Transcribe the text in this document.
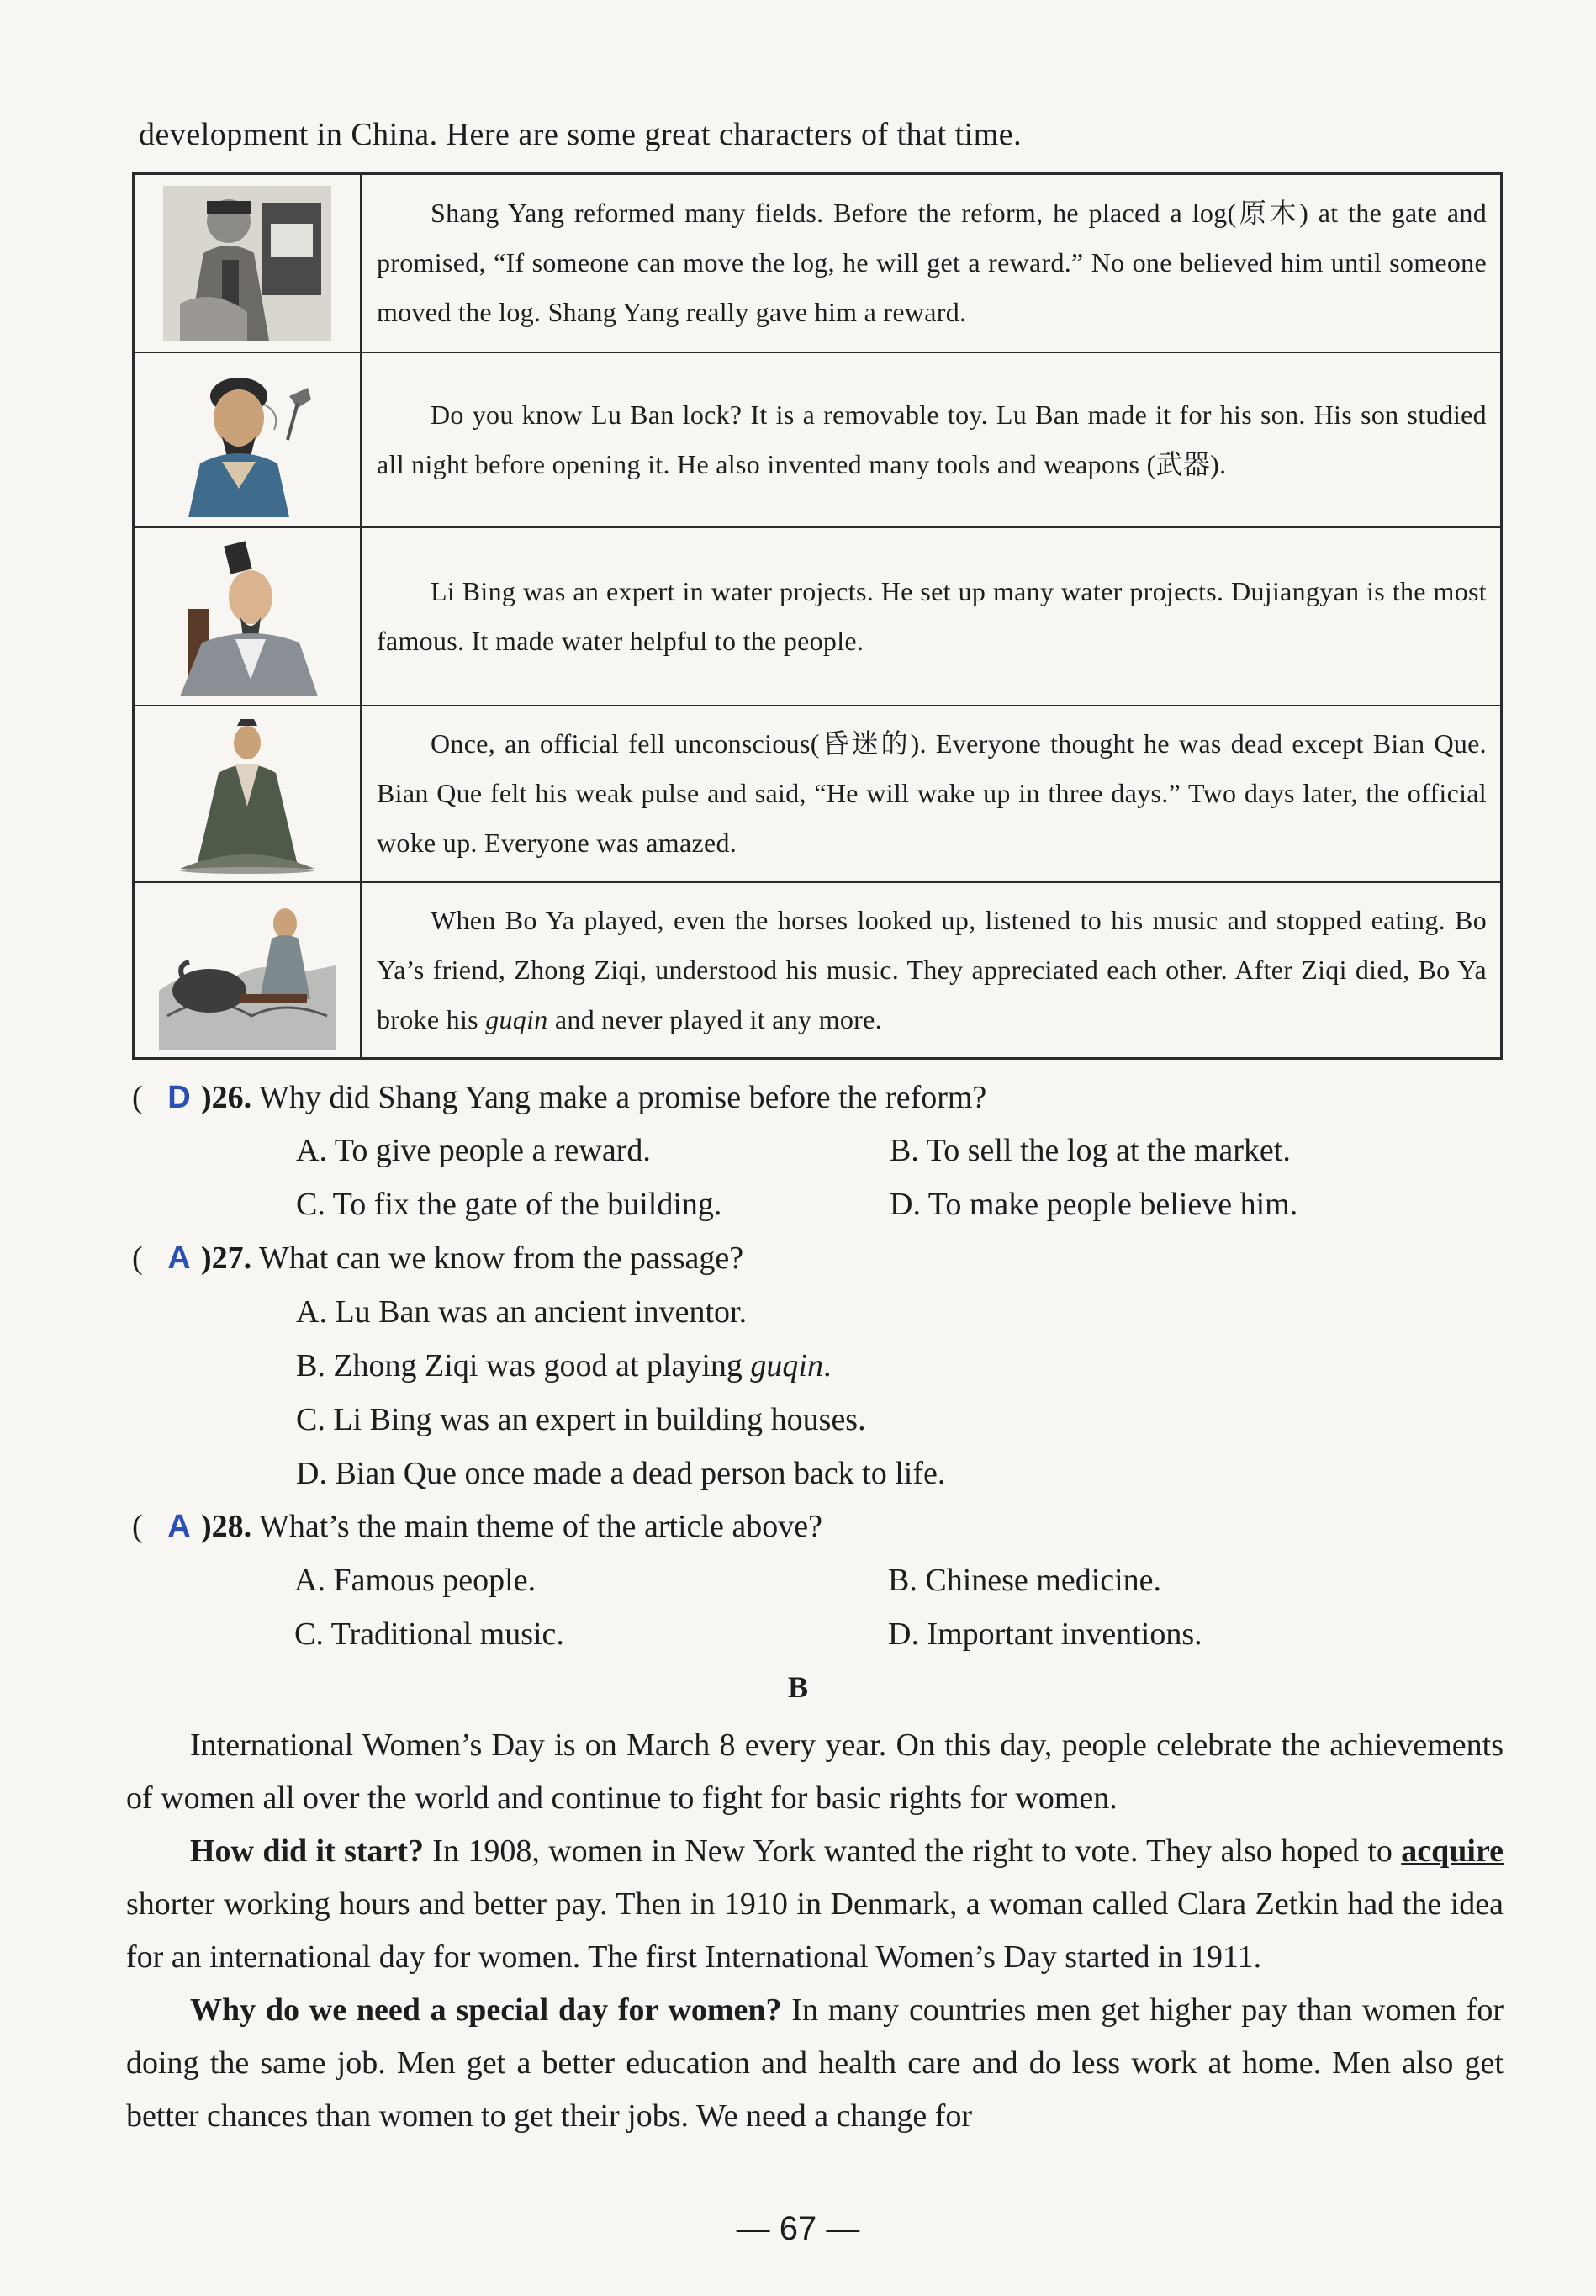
development in China. Here are some great characters of that time.

Shang Yang reformed many fields. Before the reform, he placed a log(原木) at the gate and promised, “If someone can move the log, he will get a reward.” No one believed him until someone moved the log. Shang Yang really gave him a reward.

Do you know Lu Ban lock? It is a removable toy. Lu Ban made it for his son. His son studied all night before opening it. He also invented many tools and weapons (武器).

Li Bing was an expert in water projects. He set up many water projects. Dujiangyan is the most famous. It made water helpful to the people.

Once, an official fell unconscious(昏迷的). Everyone thought he was dead except Bian Que. Bian Que felt his weak pulse and said, “He will wake up in three days.” Two days later, the official woke up. Everyone was amazed.

When Bo Ya played, even the horses looked up, listened to his music and stopped eating. Bo Ya’s friend, Zhong Ziqi, understood his music. They appreciated each other. After Ziqi died, Bo Ya broke his guqin and never played it any more.

( D )26. Why did Shang Yang make a promise before the reform?
A. To give people a reward.	B. To sell the log at the market.
C. To fix the gate of the building.	D. To make people believe him.
( A )27. What can we know from the passage?
A. Lu Ban was an ancient inventor.
B. Zhong Ziqi was good at playing guqin.
C. Li Bing was an expert in building houses.
D. Bian Que once made a dead person back to life.
( A )28. What’s the main theme of the article above?
A. Famous people.	B. Chinese medicine.
C. Traditional music.	D. Important inventions.
B

International Women’s Day is on March 8 every year. On this day, people celebrate the achievements of women all over the world and continue to fight for basic rights for women.

How did it start? In 1908, women in New York wanted the right to vote. They also hoped to acquire shorter working hours and better pay. Then in 1910 in Denmark, a woman called Clara Zetkin had the idea for an international day for women. The first International Women’s Day started in 1911.

Why do we need a special day for women? In many countries men get higher pay than women for doing the same job. Men get a better education and health care and do less work at home. Men also get better chances than women to get their jobs. We need a change for

— 67 —
